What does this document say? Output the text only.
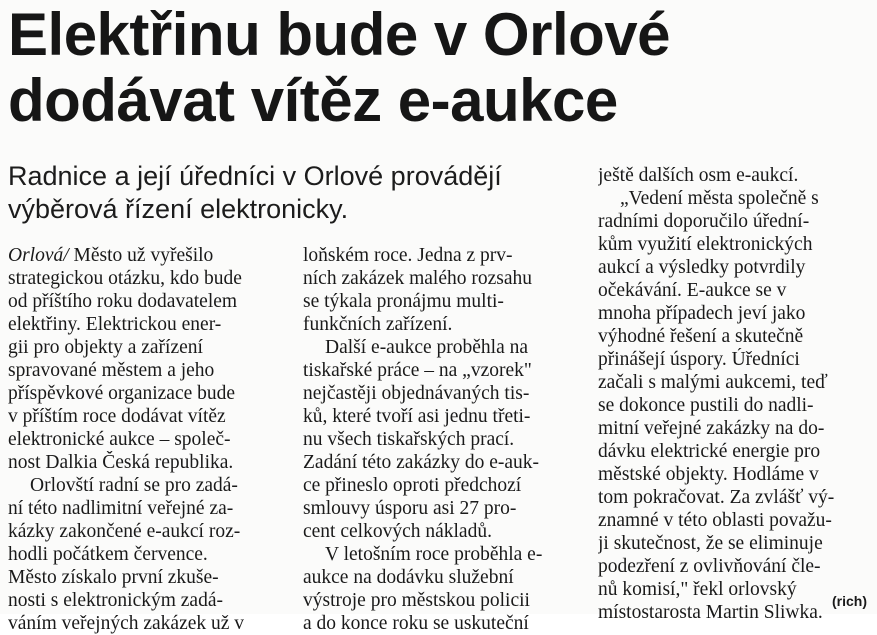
Elektřinu bude v Orlové
dodávat vítěz e-aukce
Radnice a její úředníci v Orlové provádějí
výběrová řízení elektronicky.
Orlová/ Město už vyřešilo
strategickou otázku, kdo bude
od příštího roku dodavatelem
elektřiny. Elektrickou ener-
gii pro objekty a zařízení
spravované městem a jeho
příspěvkové organizace bude
v příštím roce dodávat vítěz
elektronické aukce – společ-
nost Dalkia Česká republika.
Orlovští radní se pro zadá-
ní této nadlimitní veřejné za-
kázky zakončené e-aukcí roz-
hodli počátkem července.
Město získalo první zkuše-
nosti s elektronickým zadá-
váním veřejných zakázek už v
loňském roce. Jedna z prv-
ních zakázek malého rozsahu
se týkala pronájmu multi-
funkčních zařízení.
Další e-aukce proběhla na
tiskařské práce – na „vzorek"
nejčastěji objednávaných tis-
ků, které tvoří asi jednu třeti-
nu všech tiskařských prací.
Zadání této zakázky do e-auk-
ce přineslo oproti předchozí
smlouvy úsporu asi 27 pro-
cent celkových nákladů.
V letošním roce proběhla e-
aukce na dodávku služební
výstroje pro městskou policii
a do konce roku se uskuteční
ještě dalších osm e-aukcí.
„Vedení města společně s
radními doporučilo úřední-
kům využití elektronických
aukcí a výsledky potvrdily
očekávání. E-aukce se v
mnoha případech jeví jako
výhodné řešení a skutečně
přinášejí úspory. Úředníci
začali s malými aukcemi, teď
se dokonce pustili do nadli-
mitní veřejné zakázky na do-
dávku elektrické energie pro
městské objekty. Hodláme v
tom pokračovat. Za zvlášť vý-
znamné v této oblasti považu-
ji skutečnost, že se eliminuje
podezření z ovlivňování čle-
nů komisí," řekl orlovský
místostarosta Martin Sliwka.
(rich)
